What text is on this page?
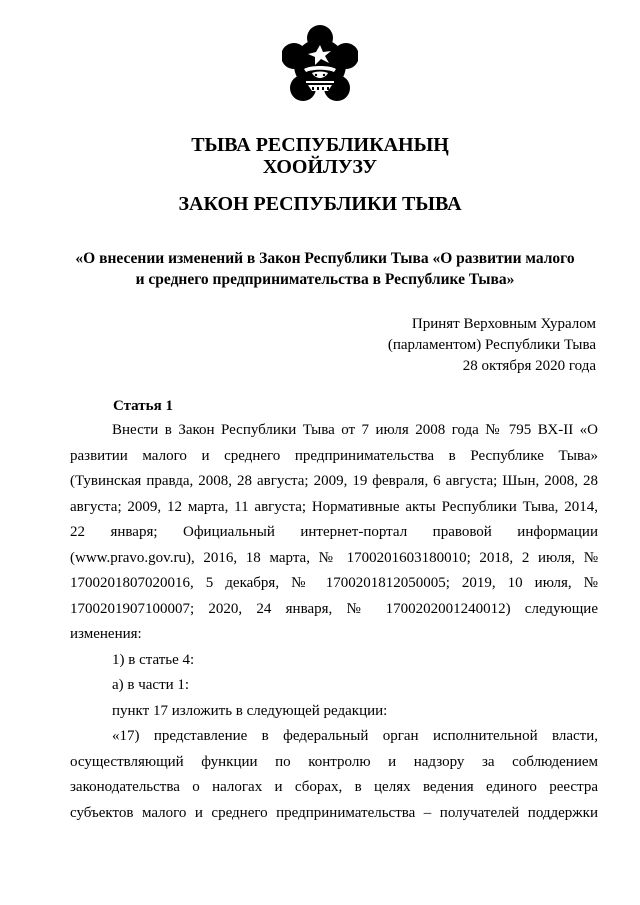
ТЫВА РЕСПУБЛИКАНЫҢ
ХООЙЛУЗУ
ЗАКОН РЕСПУБЛИКИ ТЫВА
«О внесении изменений в Закон Республики Тыва «О развитии малого
и среднего предпринимательства в Республике Тыва»
Принят Верховным Хуралом
(парламентом) Республики Тыва
28 октября 2020 года
Статья 1
Внести в Закон Республики Тыва от 7 июля 2008 года № 795 ВХ-II «О
развитии малого и среднего предпринимательства в Республике Тыва»
(Тувинская правда, 2008, 28 августа; 2009, 19 февраля, 6 августа; Шын, 2008, 28
августа; 2009, 12 марта, 11 августа; Нормативные акты Республики Тыва, 2014,
22 января; Официальный интернет-портал правовой информации
(www.pravo.gov.ru), 2016, 18 марта, № 1700201603180010; 2018, 2 июля, №
1700201807020016, 5 декабря, № 1700201812050005; 2019, 10 июля, №
1700201907100007; 2020, 24 января, № 1700202001240012) следующие
изменения:
1) в статье 4:
а) в части 1:
пункт 17 изложить в следующей редакции:
«17) представление в федеральный орган исполнительной власти,
осуществляющий функции по контролю и надзору за соблюдением
законодательства о налогах и сборах, в целях ведения единого реестра
субъектов малого и среднего предпринимательства – получателей поддержки
